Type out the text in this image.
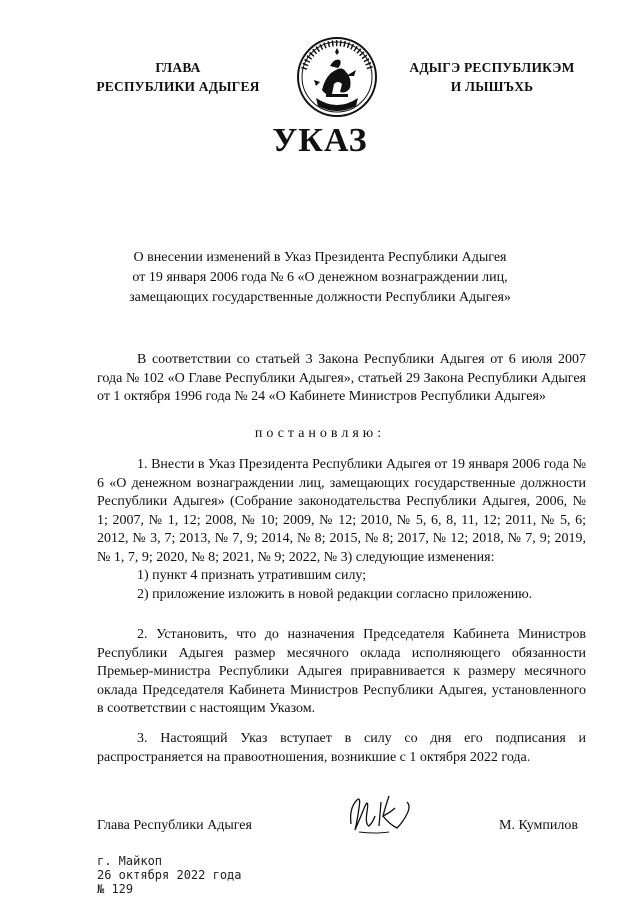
ГЛАВА
РЕСПУБЛИКИ АДЫГЕЯ
АДЫГЭ РЕСПУБЛИКЭМ
И ЛЫШЪХЬ
УКАЗ
О внесении изменений в Указ Президента Республики Адыгея
от 19 января 2006 года № 6 «О денежном вознаграждении лиц,
замещающих государственные должности Республики Адыгея»
В соответствии со статьей 3 Закона Республики Адыгея от 6 июля 2007 года № 102 «О Главе Республики Адыгея», статьей 29 Закона Республики Адыгея от 1 октября 1996 года № 24 «О Кабинете Министров Республики Адыгея»
постановляю:
1. Внести в Указ Президента Республики Адыгея от 19 января 2006 года № 6 «О денежном вознаграждении лиц, замещающих государственные должности Республики Адыгея» (Собрание законодательства Республики Адыгея, 2006, № 1; 2007, № 1, 12; 2008, № 10; 2009, № 12; 2010, № 5, 6, 8, 11, 12; 2011, № 5, 6; 2012, № 3, 7; 2013, № 7, 9; 2014, № 8; 2015, № 8; 2017, № 12; 2018, № 7, 9; 2019, № 1, 7, 9; 2020, № 8; 2021, № 9; 2022, № 3) следующие изменения:
1) пункт 4 признать утратившим силу;
2) приложение изложить в новой редакции согласно приложению.
2. Установить, что до назначения Председателя Кабинета Министров Республики Адыгея размер месячного оклада исполняющего обязанности Премьер-министра Республики Адыгея приравнивается к размеру месячного оклада Председателя Кабинета Министров Республики Адыгея, установленного в соответствии с настоящим Указом.
3. Настоящий Указ вступает в силу со дня его подписания и распространяется на правоотношения, возникшие с 1 октября 2022 года.
Глава Республики Адыгея	М. Кумпилов
г. Майкоп
26 октября 2022 года
№ 129
